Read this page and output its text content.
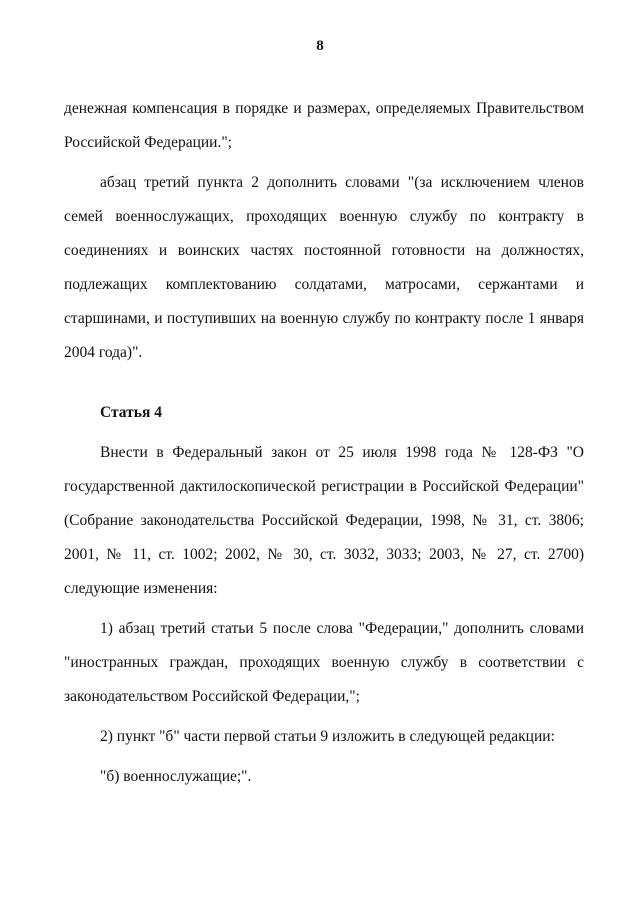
8

денежная компенсация в порядке и размерах, определяемых Правительством Российской Федерации.";

абзац третий пункта 2 дополнить словами "(за исключением членов семей военнослужащих, проходящих военную службу по контракту в соединениях и воинских частях постоянной готовности на должностях, подлежащих комплектованию солдатами, матросами, сержантами и старшинами, и поступивших на военную службу по контракту после 1 января 2004 года)".

Статья 4

Внести в Федеральный закон от 25 июля 1998 года № 128-ФЗ "О государственной дактилоскопической регистрации в Российской Федерации" (Собрание законодательства Российской Федерации, 1998, № 31, ст. 3806; 2001, № 11, ст. 1002; 2002, № 30, ст. 3032, 3033; 2003, № 27, ст. 2700) следующие изменения:

1) абзац третий статьи 5 после слова "Федерации," дополнить словами "иностранных граждан, проходящих военную службу в соответствии с законодательством Российской Федерации,";

2) пункт "б" части первой статьи 9 изложить в следующей редакции:

"б) военнослужащие;".
